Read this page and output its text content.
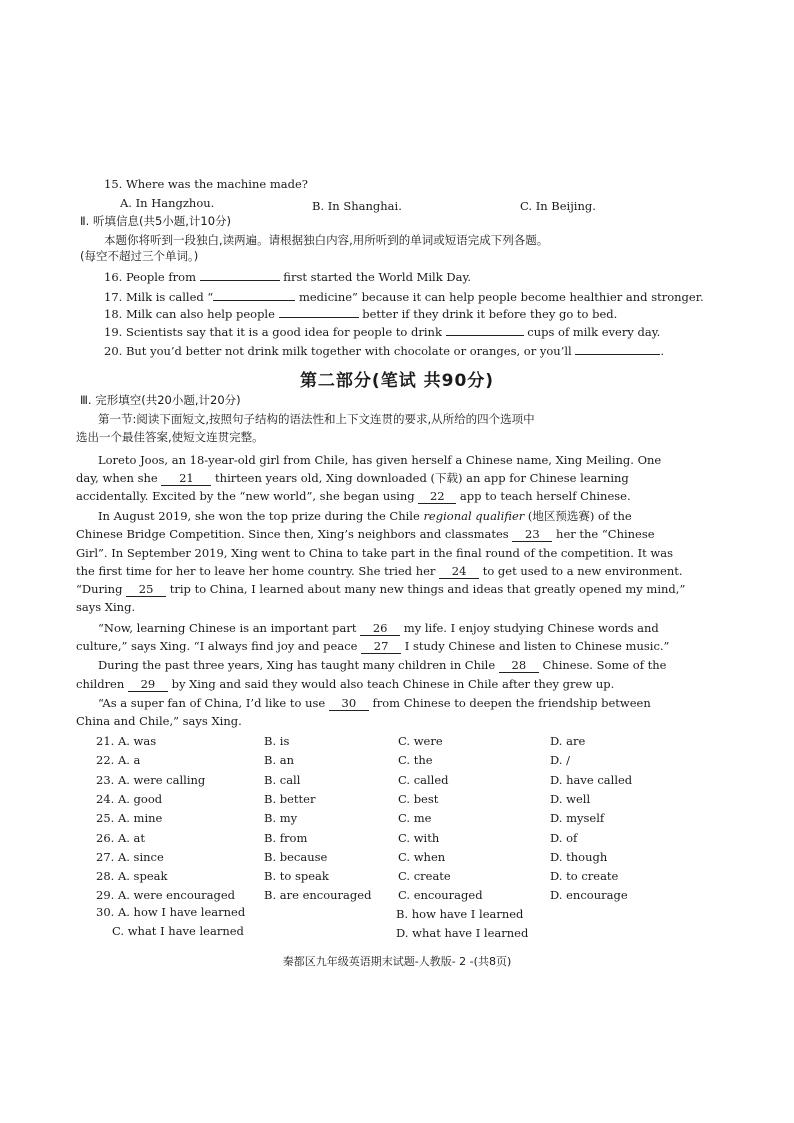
15. Where was the machine made?
A. In Hangzhou.	B. In Shanghai.	C. In Beijing.
Ⅱ. 听填信息(共5小题,计10分)
本题你将听到一段独白,读两遍。请根据独白内容,用所听到的单词或短语完成下列各题。
(每空不超过三个单词。)
16. People from	first started the World Milk Day.
17. Milk is called “	medicine” because it can help people become healthier and stronger.
18. Milk can also help people	better if they drink it before they go to bed.
19. Scientists say that it is a good idea for people to drink	cups of milk every day.
20. But you’d better not drink milk together with chocolate or oranges, or you’ll	.
第二部分(笔试 共90分)
Ⅲ. 完形填空(共20小题,计20分)
第一节:阅读下面短文,按照句子结构的语法性和上下文连贯的要求,从所给的四个选项中
选出一个最佳答案,使短文连贯完整。
Loreto Joos, an 18-year-old girl from Chile, has given herself a Chinese name, Xing Meiling. One
day, when she 21 thirteen years old, Xing downloaded (下载) an app for Chinese learning
accidentally. Excited by the “new world”, she began using 22 app to teach herself Chinese.
In August 2019, she won the top prize during the Chile regional qualifier (地区预选赛) of the
Chinese Bridge Competition. Since then, Xing’s neighbors and classmates 23 her the “Chinese
Girl”. In September 2019, Xing went to China to take part in the final round of the competition. It was
the first time for her to leave her home country. She tried her 24 to get used to a new environment.
“During 25 trip to China, I learned about many new things and ideas that greatly opened my mind,”
says Xing.
“Now, learning Chinese is an important part 26 my life. I enjoy studying Chinese words and
culture,” says Xing. “I always find joy and peace 27 I study Chinese and listen to Chinese music.”
During the past three years, Xing has taught many children in Chile 28 Chinese. Some of the
children 29 by Xing and said they would also teach Chinese in Chile after they grew up.
“As a super fan of China, I’d like to use 30 from Chinese to deepen the friendship between
China and Chile,” says Xing.
21. A. was	B. is	C. were	D. are
22. A. a	B. an	C. the	D. /
23. A. were calling	B. call	C. called	D. have called
24. A. good	B. better	C. best	D. well
25. A. mine	B. my	C. me	D. myself
26. A. at	B. from	C. with	D. of
27. A. since	B. because	C. when	D. though
28. A. speak	B. to speak	C. create	D. to create
29. A. were encouraged	B. are encouraged C. encouraged	D. encourage
30. A. how I have learned	B. how have I learned
C. what I have learned	D. what have I learned
秦都区九年级英语期末试题-人教版- 2 -(共8页)
